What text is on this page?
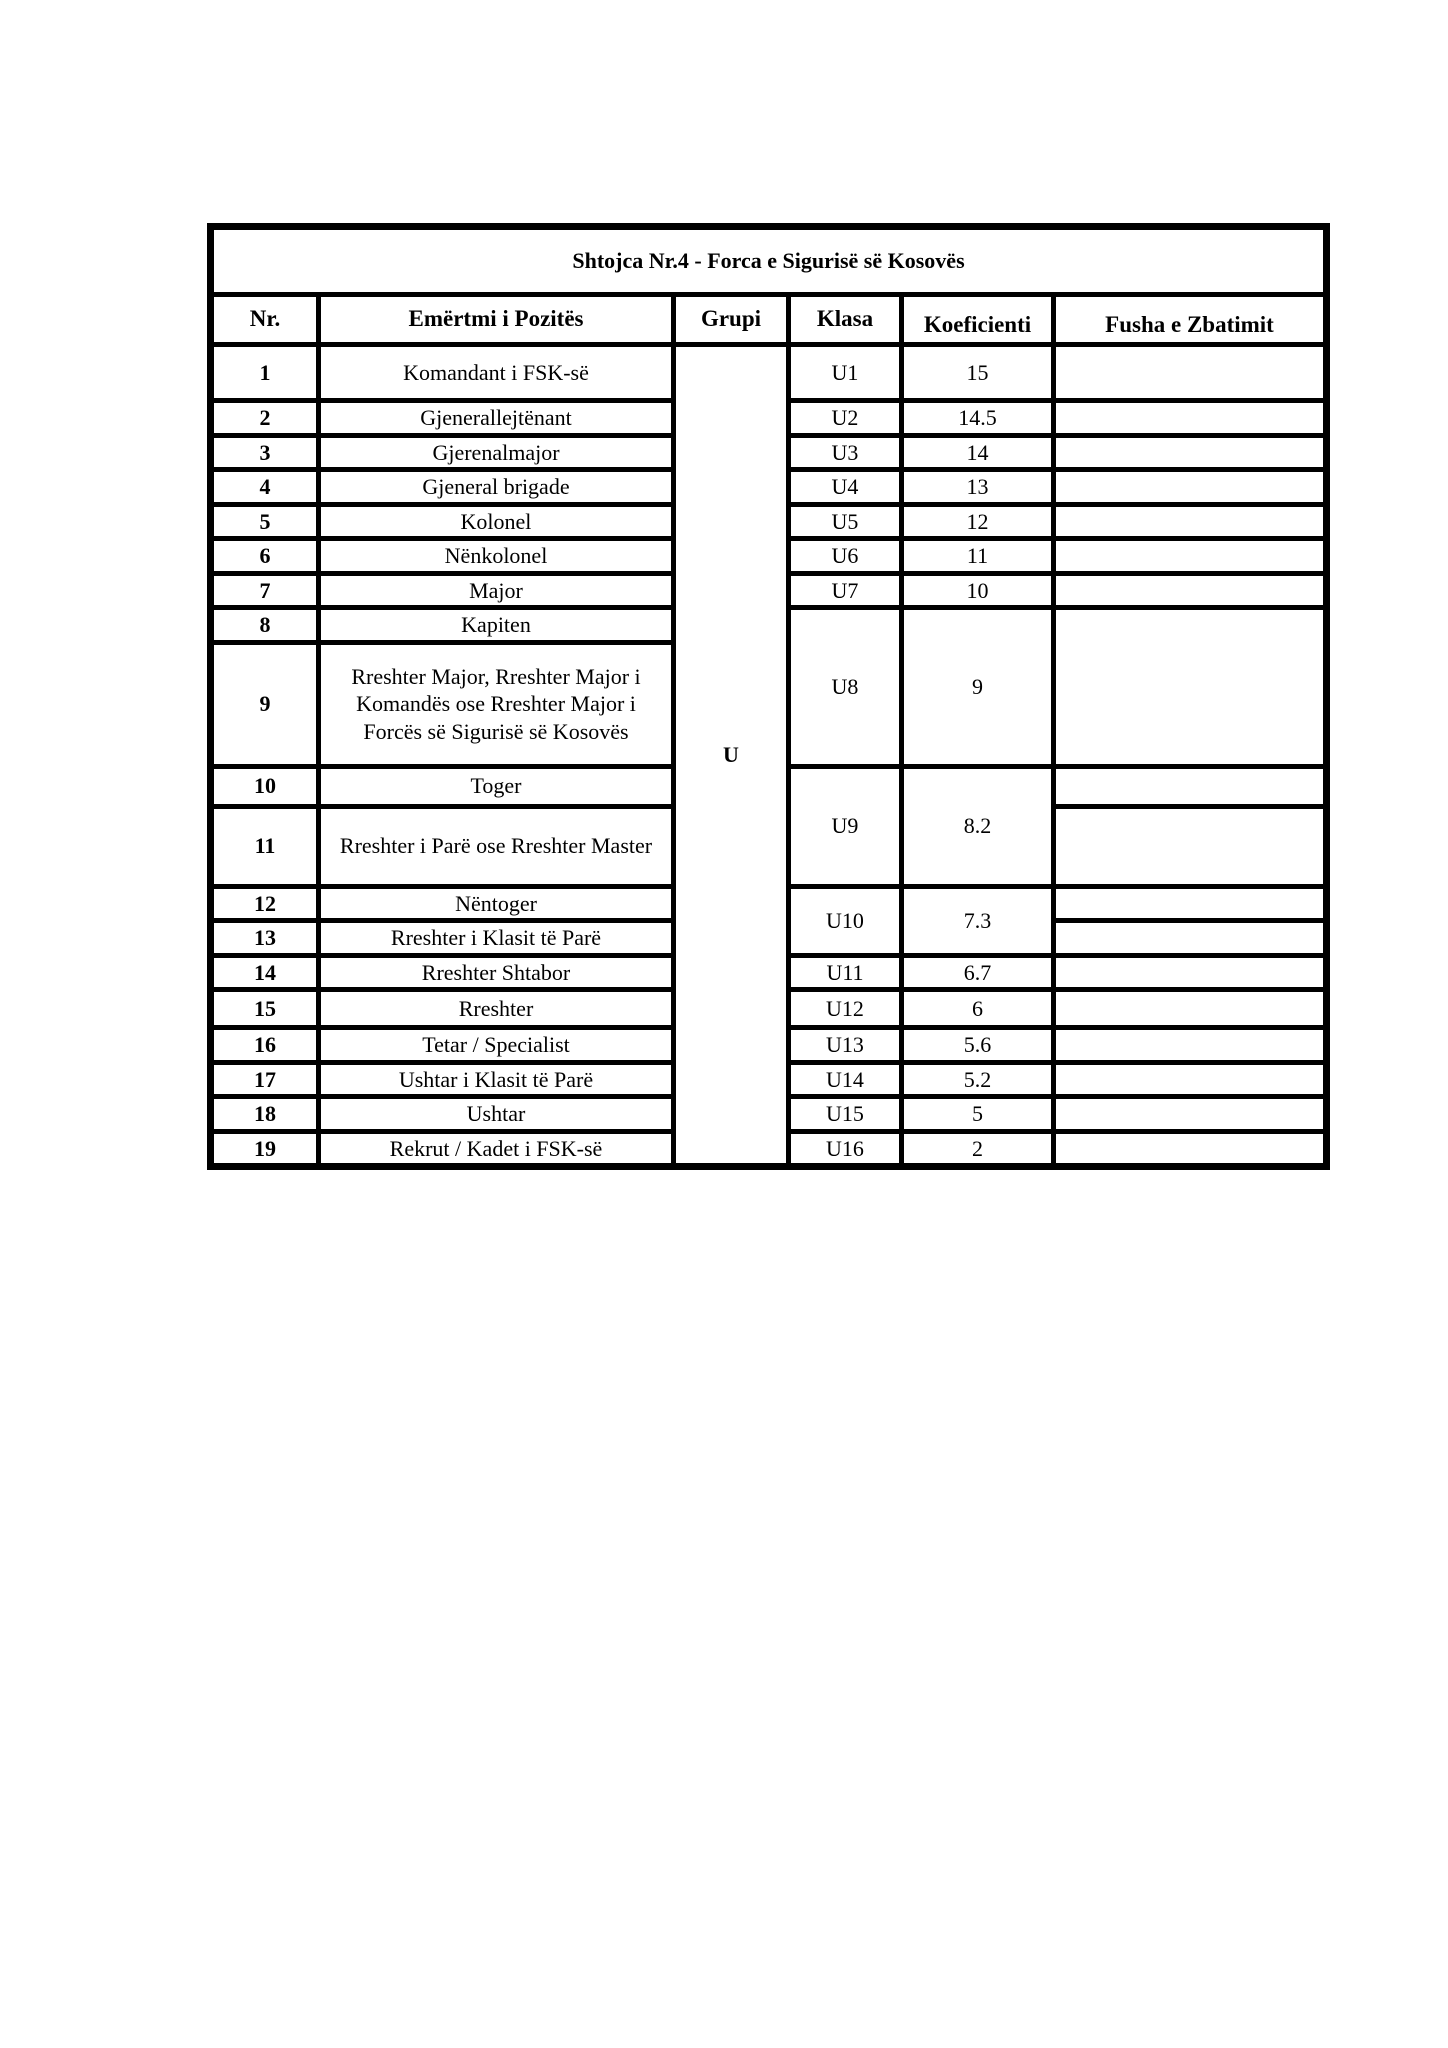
Shtojca Nr.4 - Forca e Sigurisë së Kosovës					
Nr.	Emërtmi i Pozitës	Grupi	Klasa	Koeficienti	Fusha e Zbatimit
1	Komandant i FSK-së	U	U1	15	
2	Gjenerallejtënant		U2	14.5	
3	Gjerenalmajor		U3	14	
4	Gjeneral brigade		U4	13	
5	Kolonel		U5	12	
6	Nënkolonel		U6	11	
7	Major		U7	10	
8	Kapiten		U8	9	
9	Rreshter Major, Rreshter Major i Komandës ose Rreshter Major i Forcës së Sigurisë së Kosovës				
10	Toger		U9	8.2	
11	Rreshter i Parë ose Rreshter Master				
12	Nëntoger		U10	7.3	
13	Rreshter i Klasit të Parë				
14	Rreshter Shtabor		U11	6.7	
15	Rreshter		U12	6	
16	Tetar / Specialist		U13	5.6	
17	Ushtar i Klasit të Parë		U14	5.2	
18	Ushtar		U15	5	
19	Rekrut / Kadet i FSK-së		U16	2	
